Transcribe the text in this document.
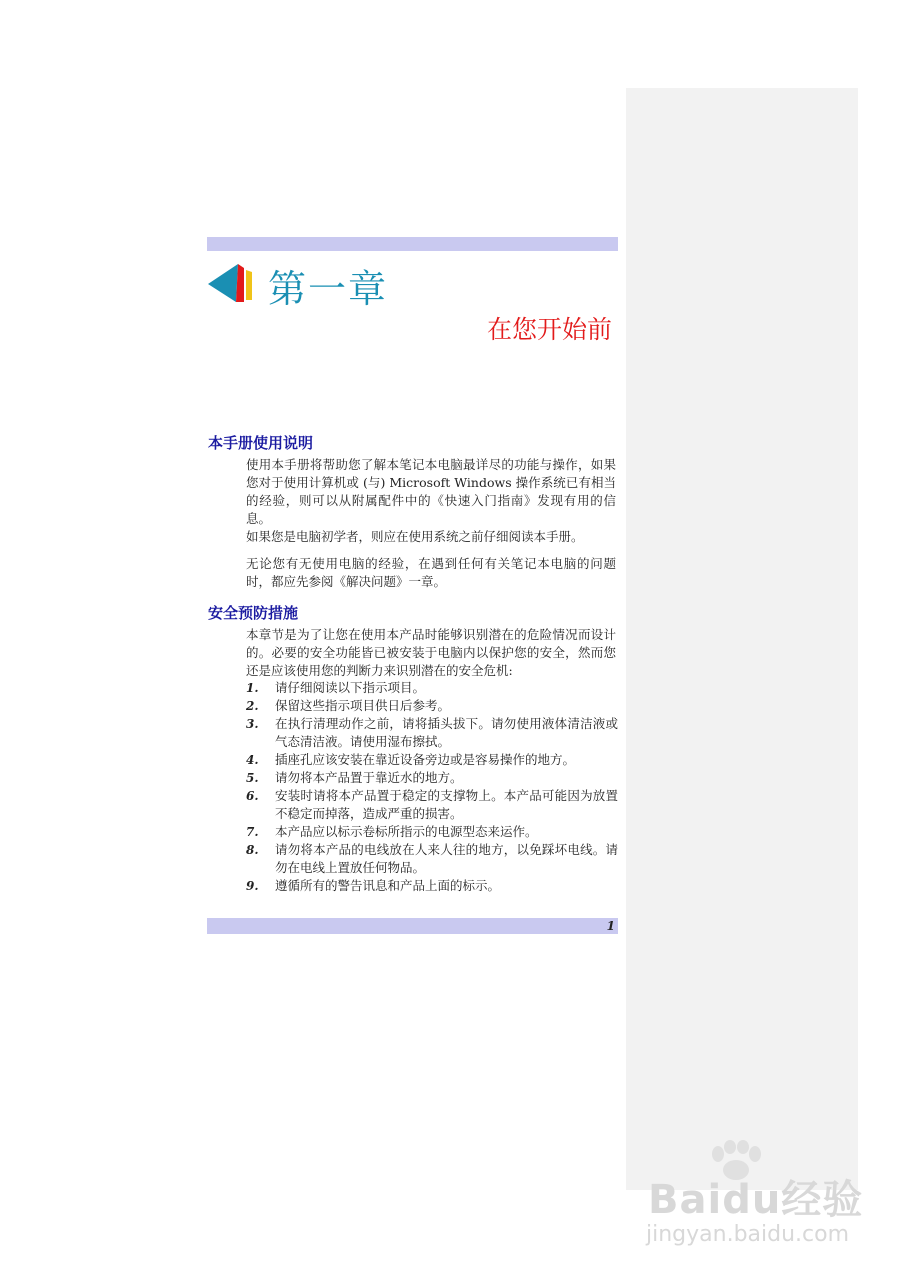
第一章
在您开始前
本手册使用说明
使用本手册将帮助您了解本笔记本电脑最详尽的功能与操作，如果您对于使用计算机或 (与) Microsoft Windows 操作系统已有相当的经验，则可以从附属配件中的《快速入门指南》发现有用的信息。
如果您是电脑初学者，则应在使用系统之前仔细阅读本手册。
无论您有无使用电脑的经验，在遇到任何有关笔记本电脑的问题时，都应先参阅《解决问题》一章。
安全预防措施
本章节是为了让您在使用本产品时能够识别潜在的危险情况而设计的。必要的安全功能皆已被安装于电脑内以保护您的安全，然而您还是应该使用您的判断力来识别潜在的安全危机:
1.	请仔细阅读以下指示项目。
2.	保留这些指示项目供日后参考。
3.	在执行清理动作之前，请将插头拔下。请勿使用液体清洁液或气态清洁液。请使用湿布擦拭。
4.	插座孔应该安装在靠近设备旁边或是容易操作的地方。
5.	请勿将本产品置于靠近水的地方。
6.	安装时请将本产品置于稳定的支撑物上。本产品可能因为放置不稳定而掉落，造成严重的损害。
7.	本产品应以标示卷标所指示的电源型态来运作。
8.	请勿将本产品的电线放在人来人往的地方，以免踩坏电线。请勿在电线上置放任何物品。
9.	遵循所有的警告讯息和产品上面的标示。
1
Baidu经验
jingyan.baidu.com
